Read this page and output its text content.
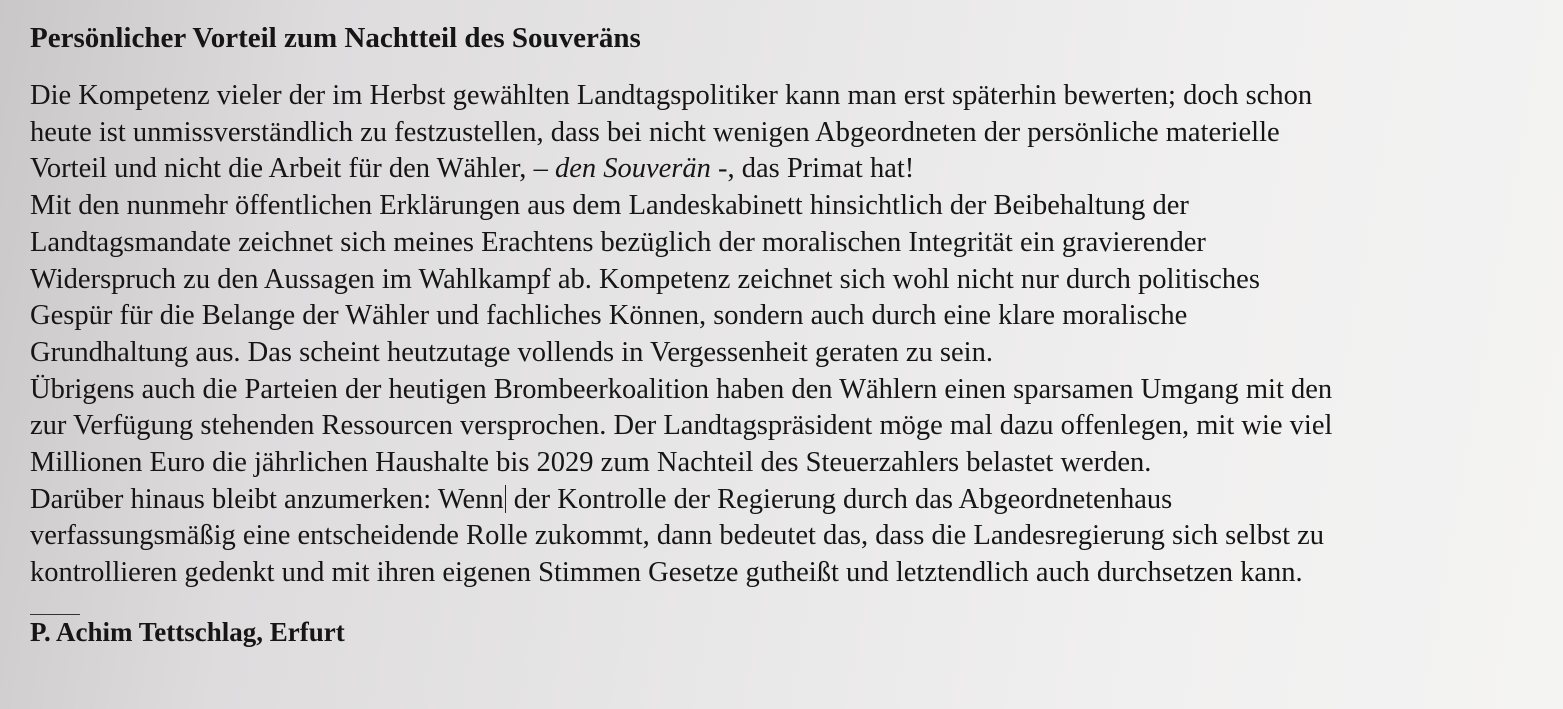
Persönlicher Vorteil zum Nachtteil des Souveräns

Die Kompetenz vieler der im Herbst gewählten Landtagspolitiker kann man erst späterhin bewerten; doch schon
heute ist unmissverständlich zu festzustellen, dass bei nicht wenigen Abgeordneten der persönliche materielle
Vorteil und nicht die Arbeit für den Wähler, – den Souverän -, das Primat hat!

Mit den nunmehr öffentlichen Erklärungen aus dem Landeskabinett hinsichtlich der Beibehaltung der
Landtagsmandate zeichnet sich meines Erachtens bezüglich der moralischen Integrität ein gravierender
Widerspruch zu den Aussagen im Wahlkampf ab. Kompetenz zeichnet sich wohl nicht nur durch politisches
Gespür für die Belange der Wähler und fachliches Können, sondern auch durch eine klare moralische
Grundhaltung aus. Das scheint heutzutage vollends in Vergessenheit geraten zu sein.

Übrigens auch die Parteien der heutigen Brombeerkoalition haben den Wählern einen sparsamen Umgang mit den
zur Verfügung stehenden Ressourcen versprochen. Der Landtagspräsident möge mal dazu offenlegen, mit wie viel
Millionen Euro die jährlichen Haushalte bis 2029 zum Nachteil des Steuerzahlers belastet werden.

Darüber hinaus bleibt anzumerken: Wenn der Kontrolle der Regierung durch das Abgeordnetenhaus
verfassungsmäßig eine entscheidende Rolle zukommt, dann bedeutet das, dass die Landesregierung sich selbst zu
kontrollieren gedenkt und mit ihren eigenen Stimmen Gesetze gutheißt und letztendlich auch durchsetzen kann.

P. Achim Tettschlag, Erfurt
